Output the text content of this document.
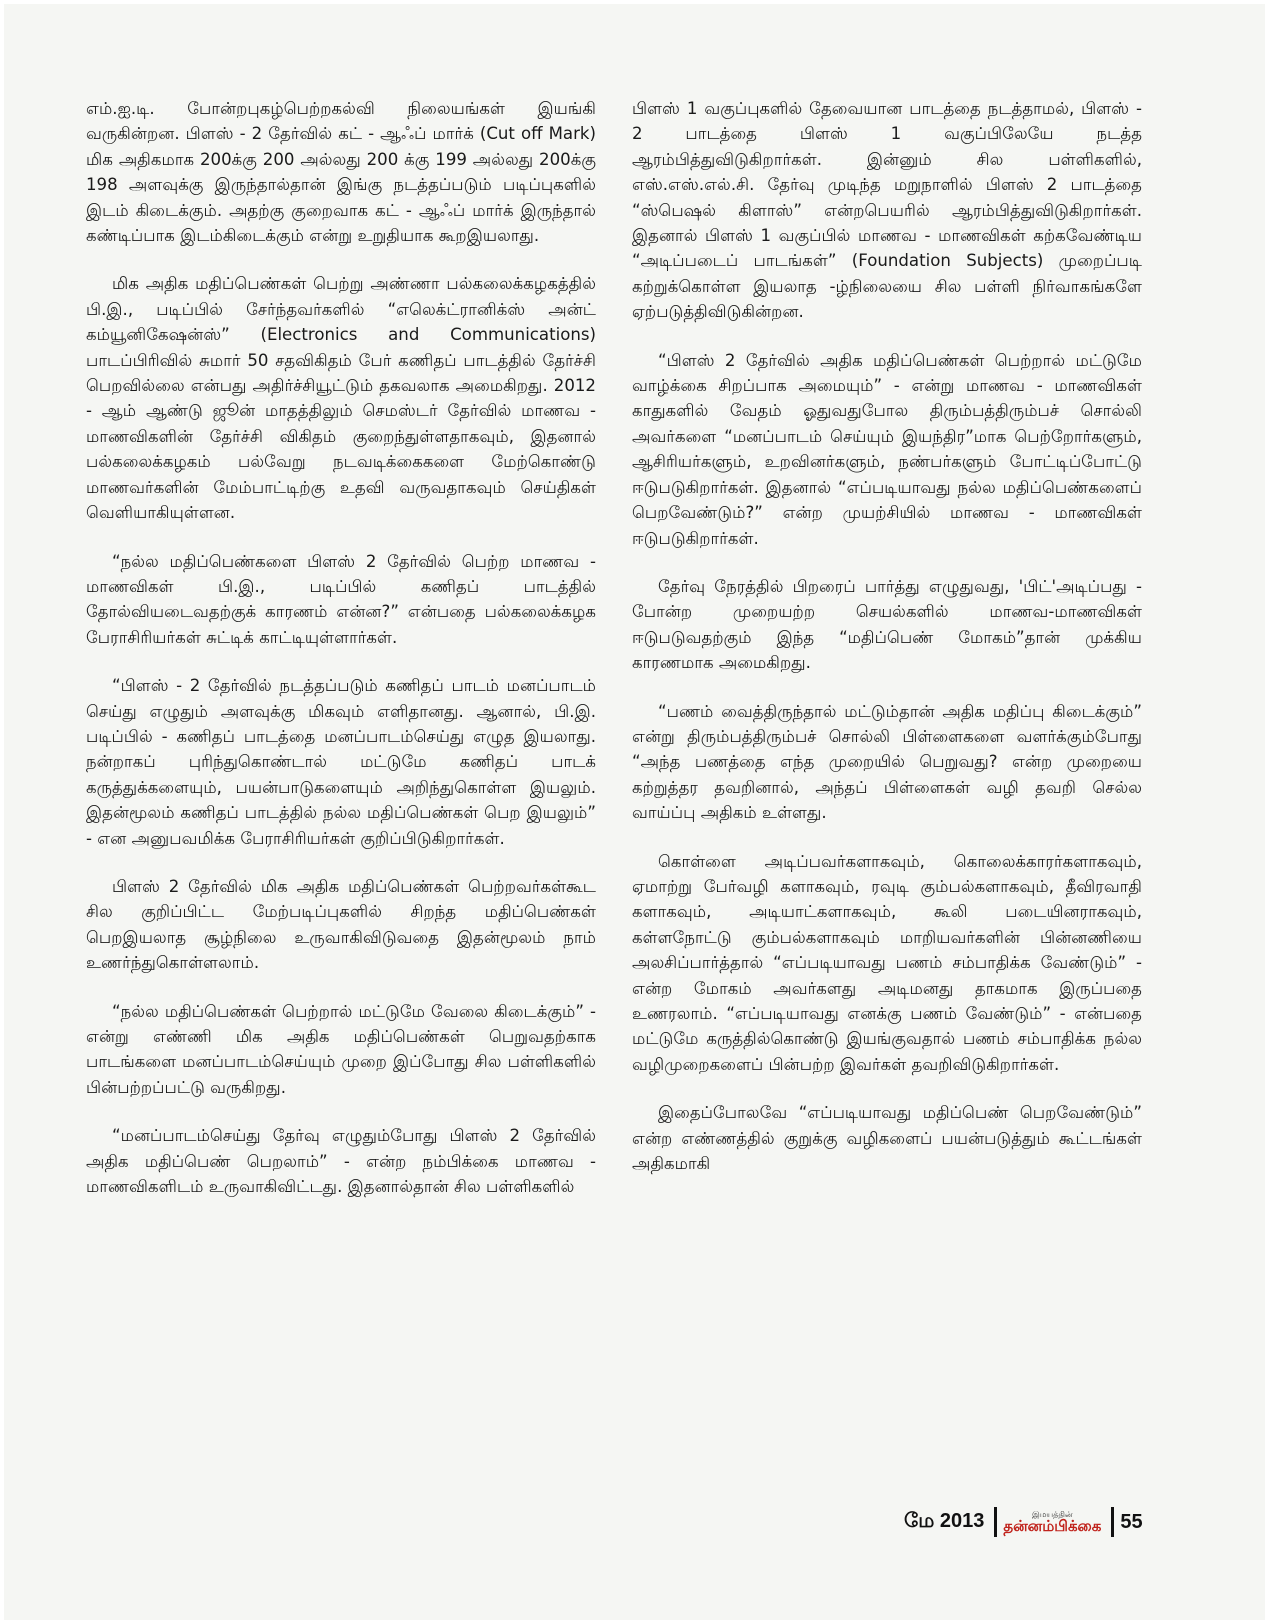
எம்.ஐ.டி. போன்றபுகழ்பெற்றகல்வி நிலையங்கள் இயங்கி வருகின்றன. பிளஸ் - 2 தேர்வில் கட் - ஆஃப் மார்க் (Cut off Mark) மிக அதிகமாக 200க்கு 200 அல்லது 200 க்கு 199 அல்லது 200க்கு 198 அளவுக்கு இருந்தால்தான் இங்கு நடத்தப்படும் படிப்புகளில் இடம் கிடைக்கும். அதற்கு குறைவாக கட் - ஆஃப் மார்க் இருந்தால் கண்டிப்பாக இடம்கிடைக்கும் என்று உறுதியாக கூறஇயலாது.

மிக அதிக மதிப்பெண்கள் பெற்று அண்ணா பல்கலைக்கழகத்தில் பி.இ., படிப்பில் சேர்ந்தவர்களில் “எலெக்ட்ரானிக்ஸ் அன்ட் கம்யூனிகேஷன்ஸ்” (Electronics and Communications) பாடப்பிரிவில் சுமார் 50 சதவிகிதம் பேர் கணிதப் பாடத்தில் தேர்ச்சி பெறவில்லை என்பது அதிர்ச்சியூட்டும் தகவலாக அமைகிறது. 2012 - ஆம் ஆண்டு ஜூன் மாதத்திலும் செமஸ்டர் தேர்வில் மாணவ - மாணவிகளின் தேர்ச்சி விகிதம் குறைந்துள்ளதாகவும், இதனால் பல்கலைக்கழகம் பல்வேறு நடவடிக்கைகளை மேற்கொண்டு மாணவர்களின் மேம்பாட்டிற்கு உதவி வருவதாகவும் செய்திகள் வெளியாகியுள்ளன.

“நல்ல மதிப்பெண்களை பிளஸ் 2 தேர்வில் பெற்ற மாணவ - மாணவிகள் பி.இ., படிப்பில் கணிதப் பாடத்தில் தோல்வியடைவதற்குக் காரணம் என்ன?” என்பதை பல்கலைக்கழக பேராசிரியர்கள் சுட்டிக் காட்டியுள்ளார்கள்.

“பிளஸ் - 2 தேர்வில் நடத்தப்படும் கணிதப் பாடம் மனப்பாடம் செய்து எழுதும் அளவுக்கு மிகவும் எளிதானது. ஆனால், பி.இ. படிப்பில் - கணிதப் பாடத்தை மனப்பாடம்செய்து எழுத இயலாது. நன்றாகப் புரிந்துகொண்டால் மட்டுமே கணிதப் பாடக் கருத்துக்களையும், பயன்பாடுகளையும் அறிந்துகொள்ள இயலும். இதன்மூலம் கணிதப் பாடத்தில் நல்ல மதிப்பெண்கள் பெற இயலும்” - என அனுபவமிக்க பேராசிரியர்கள் குறிப்பிடுகிறார்கள்.

பிளஸ் 2 தேர்வில் மிக அதிக மதிப்பெண்கள் பெற்றவர்கள்கூட சில குறிப்பிட்ட மேற்படிப்புகளில் சிறந்த மதிப்பெண்கள் பெறஇயலாத சூழ்நிலை உருவாகிவிடுவதை இதன்மூலம் நாம் உணர்ந்துகொள்ளலாம்.

“நல்ல மதிப்பெண்கள் பெற்றால் மட்டுமே வேலை கிடைக்கும்” - என்று எண்ணி மிக அதிக மதிப்பெண்கள் பெறுவதற்காக பாடங்களை மனப்பாடம்செய்யும் முறை இப்போது சில பள்ளிகளில் பின்பற்றப்பட்டு வருகிறது.

“மனப்பாடம்செய்து தேர்வு எழுதும்போது பிளஸ் 2 தேர்வில் அதிக மதிப்பெண் பெறலாம்” - என்ற நம்பிக்கை மாணவ - மாணவிகளிடம் உருவாகிவிட்டது. இதனால்தான் சில பள்ளிகளில்

பிளஸ் 1 வகுப்புகளில் தேவையான பாடத்தை நடத்தாமல், பிளஸ் - 2 பாடத்தை பிளஸ் 1 வகுப்பிலேயே நடத்த ஆரம்பித்துவிடுகிறார்கள். இன்னும் சில பள்ளிகளில், எஸ்.எஸ்.எல்.சி. தேர்வு முடிந்த மறுநாளில் பிளஸ் 2 பாடத்தை “ஸ்பெஷல் கிளாஸ்” என்றபெயரில் ஆரம்பித்துவிடுகிறார்கள். இதனால் பிளஸ் 1 வகுப்பில் மாணவ - மாணவிகள் கற்கவேண்டிய “அடிப்படைப் பாடங்கள்” (Foundation Subjects) முறைப்படி கற்றுக்கொள்ள இயலாத -ழ்நிலையை சில பள்ளி நிர்வாகங்களே ஏற்படுத்திவிடுகின்றன.

“பிளஸ் 2 தேர்வில் அதிக மதிப்பெண்கள் பெற்றால் மட்டுமே வாழ்க்கை சிறப்பாக அமையும்” - என்று மாணவ - மாணவிகள் காதுகளில் வேதம் ஓதுவதுபோல திரும்பத்திரும்பச் சொல்லி அவர்களை “மனப்பாடம் செய்யும் இயந்திர”மாக பெற்றோர்களும், ஆசிரியர்களும், உறவினர்களும், நண்பர்களும் போட்டிப்போட்டு ஈடுபடுகிறார்கள். இதனால் “எப்படியாவது நல்ல மதிப்பெண்களைப் பெறவேண்டும்?” என்ற முயற்சியில் மாணவ - மாணவிகள் ஈடுபடுகிறார்கள்.

தேர்வு நேரத்தில் பிறரைப் பார்த்து எழுதுவது, 'பிட்'அடிப்பது - போன்ற முறையற்ற செயல்களில் மாணவ-மாணவிகள் ஈடுபடுவதற்கும் இந்த “மதிப்பெண் மோகம்”தான் முக்கிய காரணமாக அமைகிறது.

“பணம் வைத்திருந்தால் மட்டும்தான் அதிக மதிப்பு கிடைக்கும்” என்று திரும்பத்திரும்பச் சொல்லி பிள்ளைகளை வளர்க்கும்போது “அந்த பணத்தை எந்த முறையில் பெறுவது? என்ற முறையை கற்றுத்தர தவறினால், அந்தப் பிள்ளைகள் வழி தவறி செல்ல வாய்ப்பு அதிகம் உள்ளது.

கொள்ளை அடிப்பவர்களாகவும், கொலைக்காரர்களாகவும், ஏமாற்று பேர்வழி களாகவும், ரவுடி கும்பல்களாகவும், தீவிரவாதி களாகவும், அடியாட்களாகவும், கூலி படையினராகவும், கள்ளநோட்டு கும்பல்களாகவும் மாறியவர்களின் பின்னணியை அலசிப்பார்த்தால் “எப்படியாவது பணம் சம்பாதிக்க வேண்டும்” - என்ற மோகம் அவர்களது அடிமனது தாகமாக இருப்பதை உணரலாம். “எப்படியாவது எனக்கு பணம் வேண்டும்” - என்பதை மட்டுமே கருத்தில்கொண்டு இயங்குவதால் பணம் சம்பாதிக்க நல்ல வழிமுறைகளைப் பின்பற்ற இவர்கள் தவறிவிடுகிறார்கள்.

இதைப்போலவே “எப்படியாவது மதிப்பெண் பெறவேண்டும்” என்ற எண்ணத்தில் குறுக்கு வழிகளைப் பயன்படுத்தும் கூட்டங்கள் அதிகமாகி

மே 2013	இமயத்தின்
தன்னம்பிக்கை 55
